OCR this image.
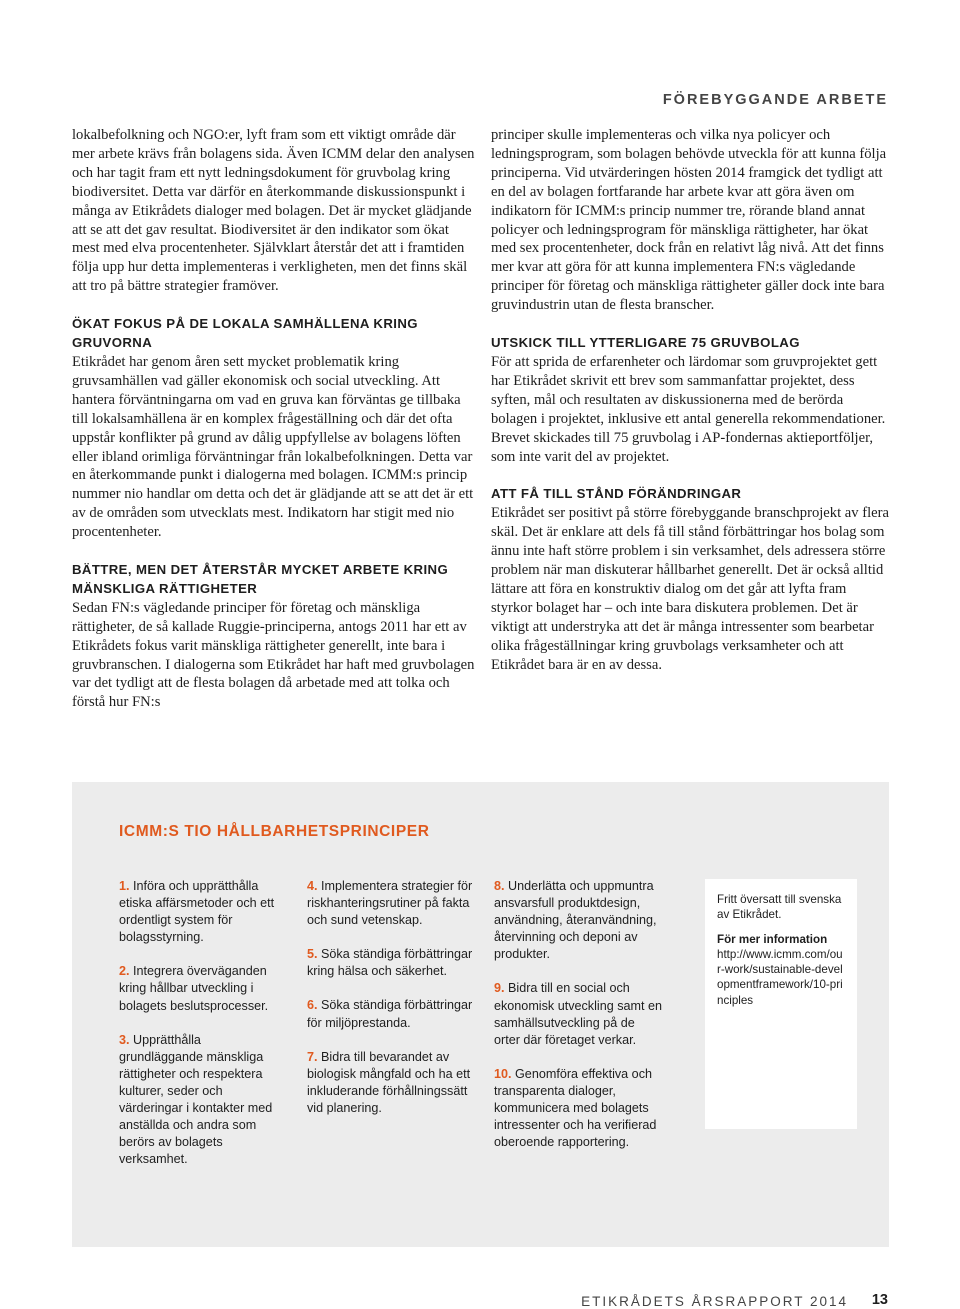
FÖREBYGGANDE ARBETE

lokalbefolkning och NGO:er, lyft fram som ett viktigt område där mer arbete krävs från bolagens sida. Även ICMM delar den analysen och har tagit fram ett nytt ledningsdokument för gruvbolag kring biodiversitet. Detta var därför en återkommande diskussionspunkt i många av Etikrådets dialoger med bolagen. Det är mycket glädjande att se att det gav resultat. Biodiversitet är den indikator som ökat mest med elva procentenheter. Självklart återstår det att i framtiden följa upp hur detta implementeras i verkligheten, men det finns skäl att tro på bättre strategier framöver.

ÖKAT FOKUS PÅ DE LOKALA SAMHÄLLENA KRING GRUVORNA

Etikrådet har genom åren sett mycket problematik kring gruvsamhällen vad gäller ekonomisk och social utveckling. Att hantera förväntningarna om vad en gruva kan förväntas ge tillbaka till lokalsamhällena är en komplex frågeställning och där det ofta uppstår konflikter på grund av dålig uppfyllelse av bolagens löften eller ibland orimliga förväntningar från lokalbefolkningen. Detta var en återkommande punkt i dialogerna med bolagen. ICMM:s princip nummer nio handlar om detta och det är glädjande att se att det är ett av de områden som utvecklats mest. Indikatorn har stigit med nio procentenheter.

BÄTTRE, MEN DET ÅTERSTÅR MYCKET ARBETE KRING MÄNSKLIGA RÄTTIGHETER

Sedan FN:s vägledande principer för företag och mänskliga rättigheter, de så kallade Ruggie-principerna, antogs 2011 har ett av Etikrådets fokus varit mänskliga rättigheter generellt, inte bara i gruvbranschen. I dialogerna som Etikrådet har haft med gruvbolagen var det tydligt att de flesta bolagen då arbetade med att tolka och förstå hur FN:s

principer skulle implementeras och vilka nya policyer och ledningsprogram, som bolagen behövde utveckla för att kunna följa principerna. Vid utvärderingen hösten 2014 framgick det tydligt att en del av bolagen fortfarande har arbete kvar att göra även om indikatorn för ICMM:s princip nummer tre, rörande bland annat policyer och ledningsprogram för mänskliga rättigheter, har ökat med sex procentenheter, dock från en relativt låg nivå. Att det finns mer kvar att göra för att kunna implementera FN:s vägledande principer för företag och mänskliga rättigheter gäller dock inte bara gruvindustrin utan de flesta branscher.

UTSKICK TILL YTTERLIGARE 75 GRUVBOLAG

För att sprida de erfarenheter och lärdomar som gruvprojektet gett har Etikrådet skrivit ett brev som sammanfattar projektet, dess syften, mål och resultaten av diskussionerna med de berörda bolagen i projektet, inklusive ett antal generella rekommendationer. Brevet skickades till 75 gruvbolag i AP-fondernas aktieportföljer, som inte varit del av projektet.

ATT FÅ TILL STÅND FÖRÄNDRINGAR

Etikrådet ser positivt på större förebyggande branschprojekt av flera skäl. Det är enklare att dels få till stånd förbättringar hos bolag som ännu inte haft större problem i sin verksamhet, dels adressera större problem när man diskuterar hållbarhet generellt. Det är också alltid lättare att föra en konstruktiv dialog om det går att lyfta fram styrkor bolaget har – och inte bara diskutera problemen. Det är viktigt att understryka att det är många intressenter som bearbetar olika frågeställningar kring gruvbolags verksamheter och att Etikrådet bara är en av dessa.

ICMM:S TIO HÅLLBARHETSPRINCIPER

1. Införa och upprätthålla etiska affärsmetoder och ett ordentligt system för bolagsstyrning.

2. Integrera överväganden kring hållbar utveckling i bolagets beslutsprocesser.

3. Upprätthålla grundläggande mänskliga rättigheter och respektera kulturer, seder och värderingar i kontakter med anställda och andra som berörs av bolagets verksamhet.

4. Implementera strategier för riskhanteringsrutiner på fakta och sund vetenskap.

5. Söka ständiga förbättringar kring hälsa och säkerhet.

6. Söka ständiga förbättringar för miljöprestanda.

7. Bidra till bevarandet av biologisk mångfald och ha ett inkluderande förhållningssätt vid planering.

8. Underlätta och uppmuntra ansvarsfull produktdesign, användning, återanvändning, återvinning och deponi av produkter.

9. Bidra till en social och ekonomisk utveckling samt en samhällsutveckling på de orter där företaget verkar.

10. Genomföra effektiva och transparenta dialoger, kommunicera med bolagets intressenter och ha verifierad oberoende rapportering.

Fritt översatt till svenska av Etikrådet.

För mer information

http://www.icmm.com/our-work/sustainable-developmentframework/10-principles

ETIKRÅDETS ÅRSRAPPORT 2014 13
